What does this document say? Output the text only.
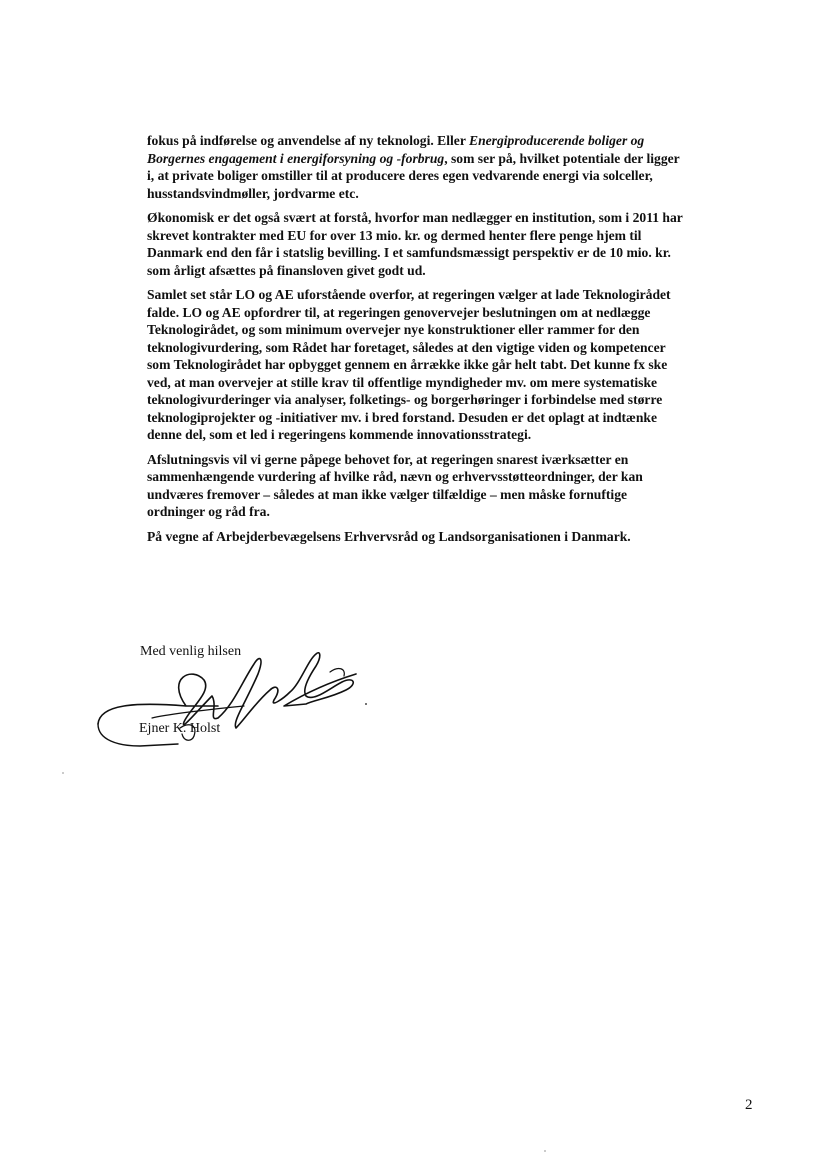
fokus på indførelse og anvendelse af ny teknologi. Eller Energiproducerende boliger og Borgernes engagement i energiforsyning og -forbrug, som ser på, hvilket potentiale der ligger i, at private boliger omstiller til at producere deres egen vedvarende energi via solceller, husstandsvindmøller, jordvarme etc.

Økonomisk er det også svært at forstå, hvorfor man nedlægger en institution, som i 2011 har skrevet kontrakter med EU for over 13 mio. kr. og dermed henter flere penge hjem til Danmark end den får i statslig bevilling. I et samfundsmæssigt perspektiv er de 10 mio. kr. som årligt afsættes på finansloven givet godt ud.

Samlet set står LO og AE uforstående overfor, at regeringen vælger at lade Teknologirådet falde. LO og AE opfordrer til, at regeringen genovervejer beslutningen om at nedlægge Teknologirådet, og som minimum overvejer nye konstruktioner eller rammer for den teknologivurdering, som Rådet har foretaget, således at den vigtige viden og kompetencer som Teknologirådet har opbygget gennem en årrække ikke går helt tabt. Det kunne fx ske ved, at man overvejer at stille krav til offentlige myndigheder mv. om mere systematiske teknologivurderinger via analyser, folketings- og borgerhøringer i forbindelse med større teknologiprojekter og -initiativer mv. i bred forstand. Desuden er det oplagt at indtænke denne del, som et led i regeringens kommende innovationsstrategi.

Afslutningsvis vil vi gerne påpege behovet for, at regeringen snarest iværksætter en sammenhængende vurdering af hvilke råd, nævn og erhvervsstøtteordninger, der kan undværes fremover – således at man ikke vælger tilfældige – men måske fornuftige ordninger og råd fra.

På vegne af Arbejderbevægelsens Erhvervsråd og Landsorganisationen i Danmark.

Med venlig hilsen
Ejner K. Holst
2
